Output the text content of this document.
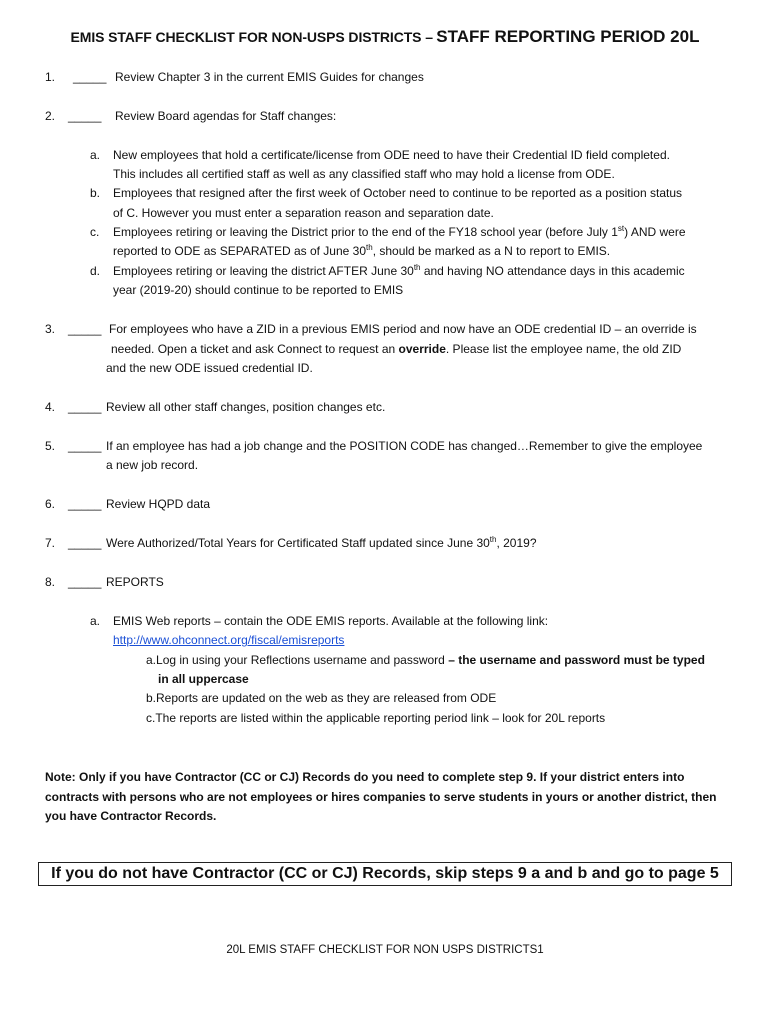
EMIS STAFF CHECKLIST FOR NON-USPS DISTRICTS – STAFF REPORTING PERIOD 20L
1. _____ Review Chapter 3 in the current EMIS Guides for changes
2. _____ Review Board agendas for Staff changes:
a. New employees that hold a certificate/license from ODE need to have their Credential ID field completed.
This includes all certified staff as well as any classified staff who may hold a license from ODE.
b. Employees that resigned after the first week of October need to continue to be reported as a position status
of C. However you must enter a separation reason and separation date.
c. Employees retiring or leaving the District prior to the end of the FY18 school year (before July 1st) AND were
reported to ODE as SEPARATED as of June 30th, should be marked as a N to report to EMIS.
d. Employees retiring or leaving the district AFTER June 30th and having NO attendance days in this academic
year (2019-20) should continue to be reported to EMIS
3. _____ For employees who have a ZID in a previous EMIS period and now have an ODE credential ID – an override is
needed. Open a ticket and ask Connect to request an override. Please list the employee name, the old ZID
and the new ODE issued credential ID.
4. _____ Review all other staff changes, position changes etc.
5. _____ If an employee has had a job change and the POSITION CODE has changed…Remember to give the employee
a new job record.
6. _____ Review HQPD data
7. _____ Were Authorized/Total Years for Certificated Staff updated since June 30th, 2019?
8. _____ REPORTS
a. EMIS Web reports – contain the ODE EMIS reports. Available at the following link:
http://www.ohconnect.org/fiscal/emisreports
a.Log in using your Reflections username and password – the username and password must be typed
in all uppercase
b.Reports are updated on the web as they are released from ODE
c.The reports are listed within the applicable reporting period link – look for 20L reports
Note: Only if you have Contractor (CC or CJ) Records do you need to complete step 9. If your district enters into
contracts with persons who are not employees or hires companies to serve students in yours or another district, then
you have Contractor Records.
If you do not have Contractor (CC or CJ) Records, skip steps 9 a and b and go to page 5
20L EMIS STAFF CHECKLIST FOR NON USPS DISTRICTS1
